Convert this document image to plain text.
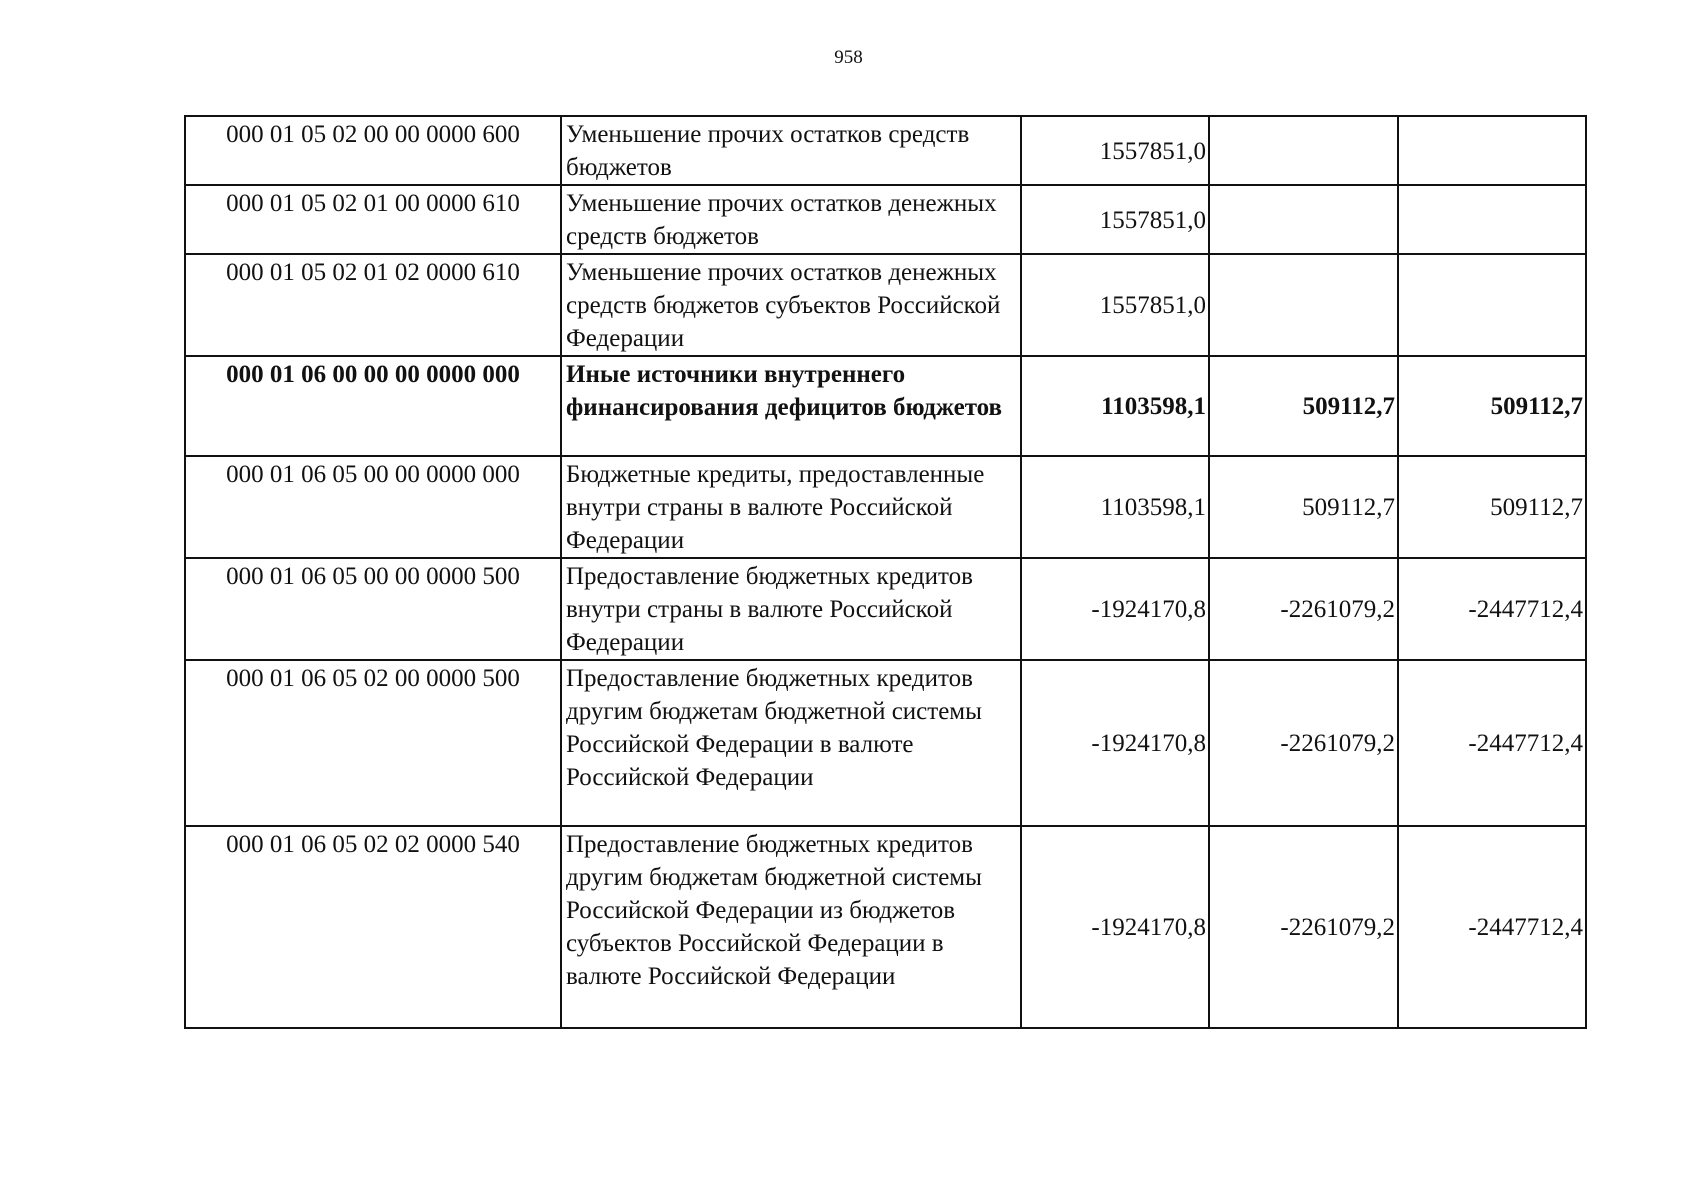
958
000 01 05 02 00 00 0000 600	Уменьшение прочих остатков средств бюджетов	1557851,0		
000 01 05 02 01 00 0000 610	Уменьшение прочих остатков денежных средств бюджетов	1557851,0		
000 01 05 02 01 02 0000 610	Уменьшение прочих остатков денежных средств бюджетов субъектов Российской Федерации	1557851,0		
000 01 06 00 00 00 0000 000	Иные источники внутреннего финансирования дефицитов бюджетов	1103598,1	509112,7	509112,7
000 01 06 05 00 00 0000 000	Бюджетные кредиты, предоставленные внутри страны в валюте Российской Федерации	1103598,1	509112,7	509112,7
000 01 06 05 00 00 0000 500	Предоставление бюджетных кредитов внутри страны в валюте Российской Федерации	-1924170,8	-2261079,2	-2447712,4
000 01 06 05 02 00 0000 500	Предоставление бюджетных кредитов другим бюджетам бюджетной системы Российской Федерации в валюте Российской Федерации	-1924170,8	-2261079,2	-2447712,4
000 01 06 05 02 02 0000 540	Предоставление бюджетных кредитов другим бюджетам бюджетной системы Российской Федерации из бюджетов субъектов Российской Федерации в валюте Российской Федерации	-1924170,8	-2261079,2	-2447712,4
